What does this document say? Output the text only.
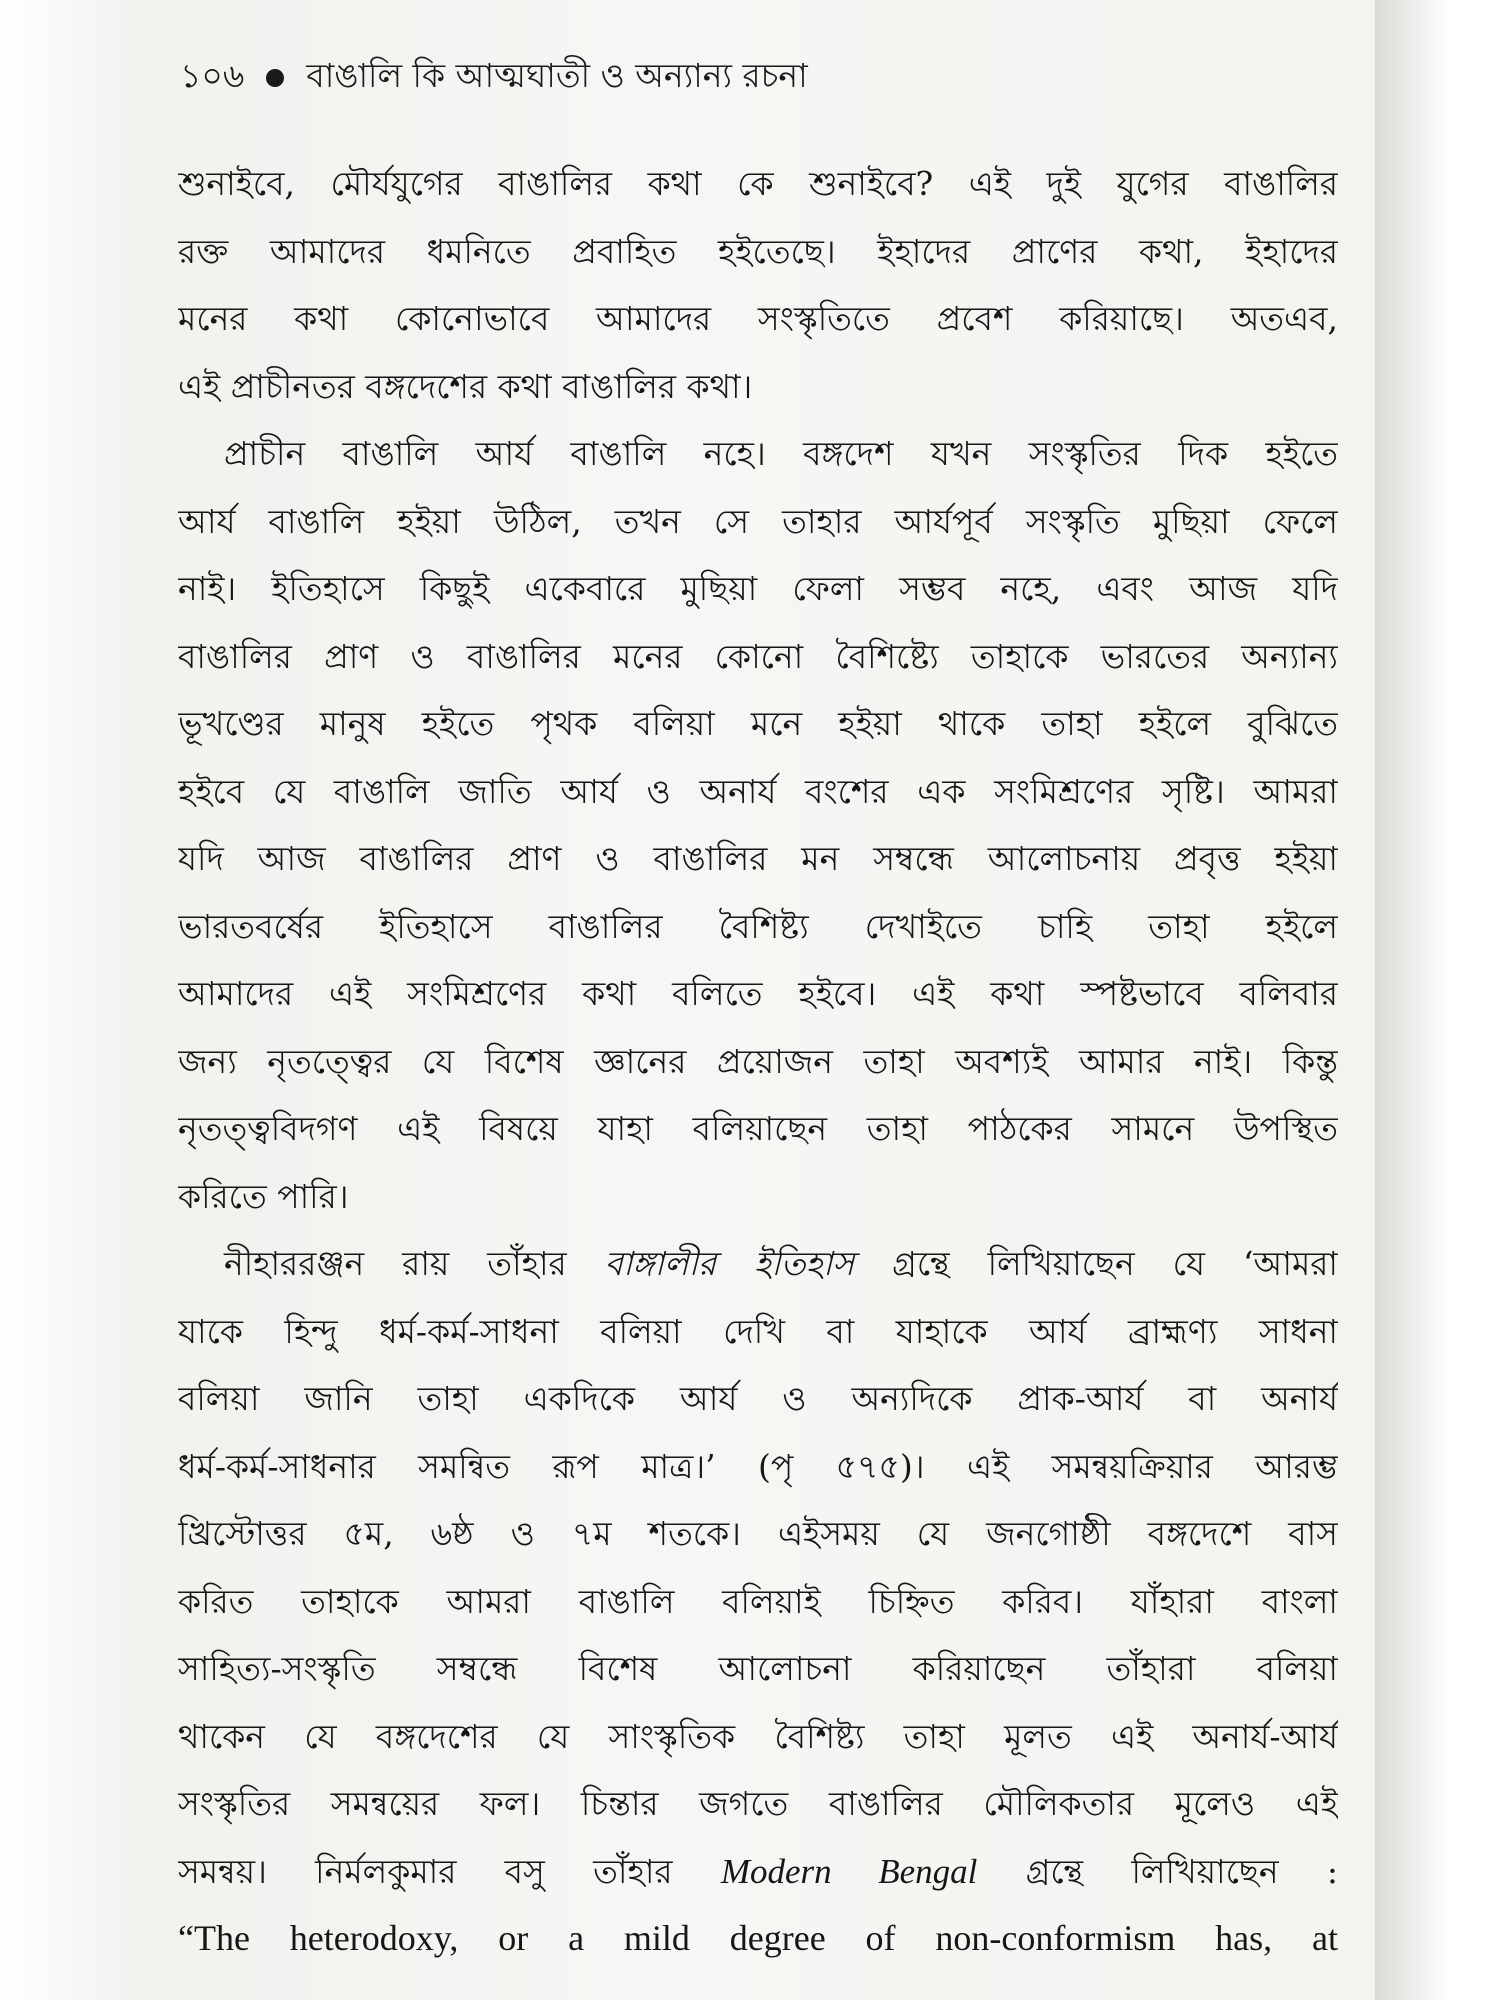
১০৬ বাঙালি কি আত্মঘাতী ও অন্যান্য রচনা
শুনাইবে, মৌর্যযুগের বাঙালির কথা কে শুনাইবে? এই দুই যুগের বাঙালির
রক্ত আমাদের ধমনিতে প্রবাহিত হইতেছে। ইহাদের প্রাণের কথা, ইহাদের
মনের কথা কোনোভাবে আমাদের সংস্কৃতিতে প্রবেশ করিয়াছে। অতএব,
এই প্রাচীনতর বঙ্গদেশের কথা বাঙালির কথা।
প্রাচীন বাঙালি আর্য বাঙালি নহে। বঙ্গদেশ যখন সংস্কৃতির দিক হইতে
আর্য বাঙালি হইয়া উঠিল, তখন সে তাহার আর্যপূর্ব সংস্কৃতি মুছিয়া ফেলে
নাই। ইতিহাসে কিছুই একেবারে মুছিয়া ফেলা সম্ভব নহে, এবং আজ যদি
বাঙালির প্রাণ ও বাঙালির মনের কোনো বৈশিষ্ট্যে তাহাকে ভারতের অন্যান্য
ভূখণ্ডের মানুষ হইতে পৃথক বলিয়া মনে হইয়া থাকে তাহা হইলে বুঝিতে
হইবে যে বাঙালি জাতি আর্য ও অনার্য বংশের এক সংমিশ্রণের সৃষ্টি। আমরা
যদি আজ বাঙালির প্রাণ ও বাঙালির মন সম্বন্ধে আলোচনায় প্রবৃত্ত হইয়া
ভারতবর্ষের ইতিহাসে বাঙালির বৈশিষ্ট্য দেখাইতে চাহি তাহা হইলে
আমাদের এই সংমিশ্রণের কথা বলিতে হইবে। এই কথা স্পষ্টভাবে বলিবার
জন্য নৃতত্ত্বের যে বিশেষ জ্ঞানের প্রয়োজন তাহা অবশ্যই আমার নাই। কিন্তু
নৃতত্ত্ববিদগণ এই বিষয়ে যাহা বলিয়াছেন তাহা পাঠকের সামনে উপস্থিত
করিতে পারি।
নীহাররঞ্জন রায় তাঁহার বাঙ্গালীর ইতিহাস গ্রন্থে লিখিয়াছেন যে ‘আমরা
যাকে হিন্দু ধর্ম-কর্ম-সাধনা বলিয়া দেখি বা যাহাকে আর্য ব্রাহ্মণ্য সাধনা
বলিয়া জানি তাহা একদিকে আর্য ও অন্যদিকে প্রাক-আর্য বা অনার্য
ধর্ম-কর্ম-সাধনার সমন্বিত রূপ মাত্র।’ (পৃ ৫৭৫)। এই সমন্বয়ক্রিয়ার আরম্ভ
খ্রিস্টোত্তর ৫ম, ৬ষ্ঠ ও ৭ম শতকে। এইসময় যে জনগোষ্ঠী বঙ্গদেশে বাস
করিত তাহাকে আমরা বাঙালি বলিয়াই চিহ্নিত করিব। যাঁহারা বাংলা
সাহিত্য-সংস্কৃতি সম্বন্ধে বিশেষ আলোচনা করিয়াছেন তাঁহারা বলিয়া
থাকেন যে বঙ্গদেশের যে সাংস্কৃতিক বৈশিষ্ট্য তাহা মূলত এই অনার্য-আর্য
সংস্কৃতির সমন্বয়ের ফল। চিন্তার জগতে বাঙালির মৌলিকতার মূলেও এই
সমন্বয়। নির্মলকুমার বসু তাঁহার Modern Bengal গ্রন্থে লিখিয়াছেন :
“The heterodoxy, or a mild degree of non-conformism has, at
